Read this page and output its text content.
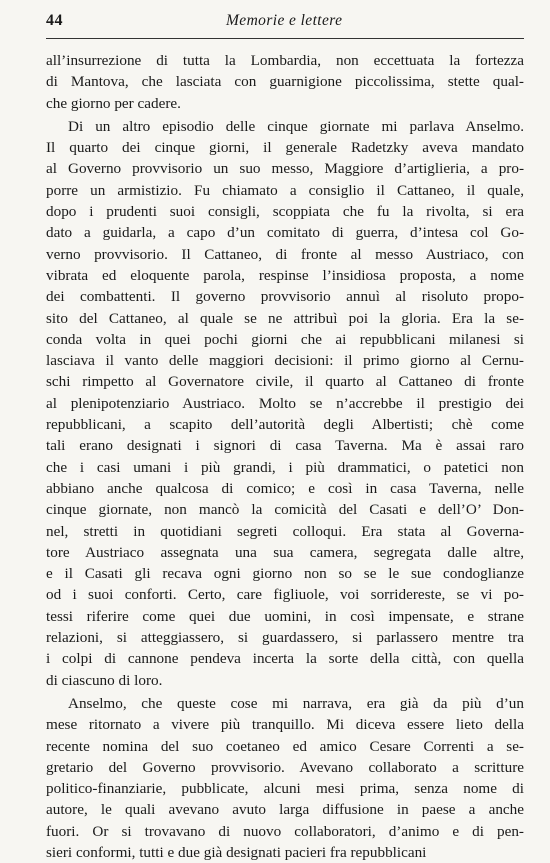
44	Memorie e lettere
all’insurrezione di tutta la Lombardia, non eccettuata la fortezza
di Mantova, che lasciata con guarnigione piccolissima, stette qual-
che giorno per cadere.
Di un altro episodio delle cinque giornate mi parlava Anselmo.
Il quarto dei cinque giorni, il generale Radetzky aveva mandato
al Governo provvisorio un suo messo, Maggiore d’artiglieria, a pro-
porre un armistizio. Fu chiamato a consiglio il Cattaneo, il quale,
dopo i prudenti suoi consigli, scoppiata che fu la rivolta, si era
dato a guidarla, a capo d’un comitato di guerra, d’intesa col Go-
verno provvisorio. Il Cattaneo, di fronte al messo Austriaco, con
vibrata ed eloquente parola, respinse l’insidiosa proposta, a nome
dei combattenti. Il governo provvisorio annuì al risoluto propo-
sito del Cattaneo, al quale se ne attribuì poi la gloria. Era la se-
conda volta in quei pochi giorni che ai repubblicani milanesi si
lasciava il vanto delle maggiori decisioni: il primo giorno al Cernu-
schi rimpetto al Governatore civile, il quarto al Cattaneo di fronte
al plenipotenziario Austriaco. Molto se n’accrebbe il prestigio dei
repubblicani, a scapito dell’autorità degli Albertisti; chè come
tali erano designati i signori di casa Taverna. Ma è assai raro
che i casi umani i più grandi, i più drammatici, o patetici non
abbiano anche qualcosa di comico; e così in casa Taverna, nelle
cinque giornate, non mancò la comicità del Casati e dell’O’ Don-
nel, stretti in quotidiani segreti colloqui. Era stata al Governa-
tore Austriaco assegnata una sua camera, segregata dalle altre,
e il Casati gli recava ogni giorno non so se le sue condoglianze
od i suoi conforti. Certo, care figliuole, voi sorridereste, se vi po-
tessi riferire come quei due uomini, in così impensate, e strane
relazioni, si atteggiassero, si guardassero, si parlassero mentre tra
i colpi di cannone pendeva incerta la sorte della città, con quella
di ciascuno di loro.
Anselmo, che queste cose mi narrava, era già da più d’un
mese ritornato a vivere più tranquillo. Mi diceva essere lieto della
recente nomina del suo coetaneo ed amico Cesare Correnti a se-
gretario del Governo provvisorio. Avevano collaborato a scritture
politico-finanziarie, pubblicate, alcuni mesi prima, senza nome di
autore, le quali avevano avuto larga diffusione in paese a anche
fuori. Or si trovavano di nuovo collaboratori, d’animo e di pen-
sieri conformi, tutti e due già designati pacieri fra repubblicani
